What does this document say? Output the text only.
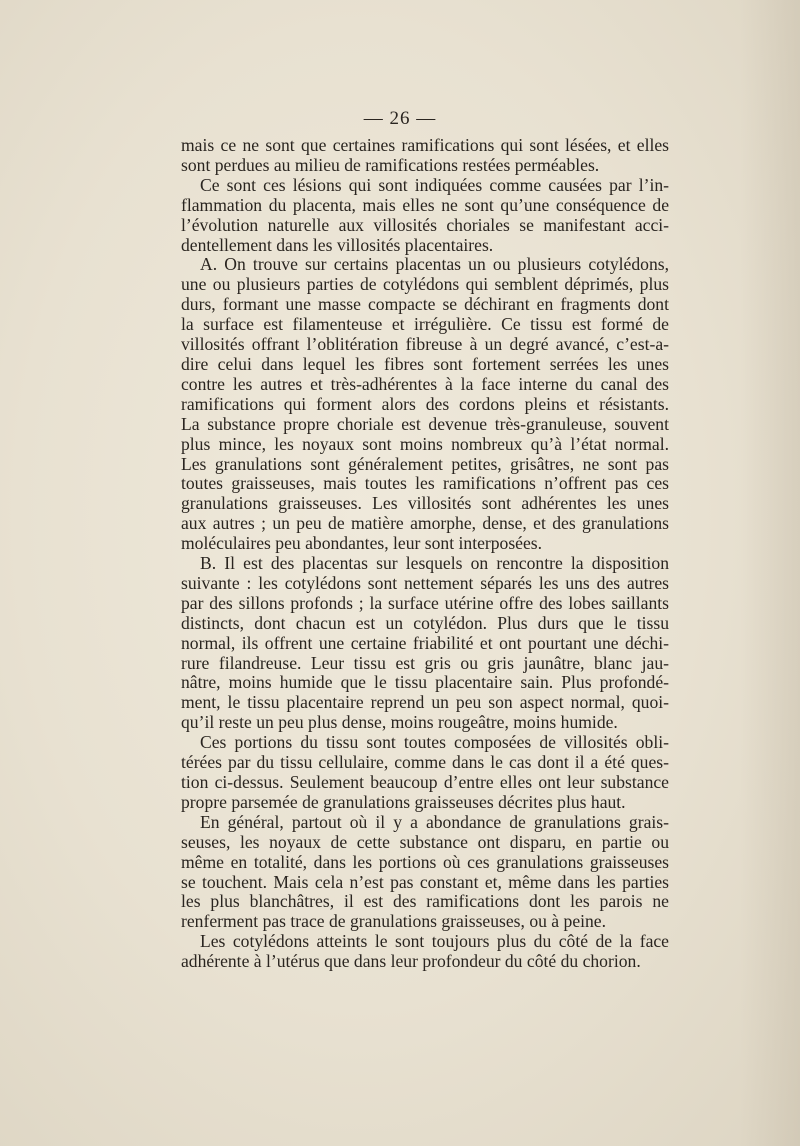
— 26 —
mais ce ne sont que certaines ramifications qui sont lésées, et elles
sont perdues au milieu de ramifications restées perméables.
Ce sont ces lésions qui sont indiquées comme causées par l’in-
flammation du placenta, mais elles ne sont qu’une conséquence de
l’évolution naturelle aux villosités choriales se manifestant acci-
dentellement dans les villosités placentaires.
A. On trouve sur certains placentas un ou plusieurs cotylédons,
une ou plusieurs parties de cotylédons qui semblent déprimés, plus
durs, formant une masse compacte se déchirant en fragments dont
la surface est filamenteuse et irrégulière. Ce tissu est formé de
villosités offrant l’oblitération fibreuse à un degré avancé, c’est-a-
dire celui dans lequel les fibres sont fortement serrées les unes
contre les autres et très-adhérentes à la face interne du canal des
ramifications qui forment alors des cordons pleins et résistants.
La substance propre choriale est devenue très-granuleuse, souvent
plus mince, les noyaux sont moins nombreux qu’à l’état normal.
Les granulations sont généralement petites, grisâtres, ne sont pas
toutes graisseuses, mais toutes les ramifications n’offrent pas ces
granulations graisseuses. Les villosités sont adhérentes les unes
aux autres ; un peu de matière amorphe, dense, et des granulations
moléculaires peu abondantes, leur sont interposées.
B. Il est des placentas sur lesquels on rencontre la disposition
suivante : les cotylédons sont nettement séparés les uns des autres
par des sillons profonds ; la surface utérine offre des lobes saillants
distincts, dont chacun est un cotylédon. Plus durs que le tissu
normal, ils offrent une certaine friabilité et ont pourtant une déchi-
rure filandreuse. Leur tissu est gris ou gris jaunâtre, blanc jau-
nâtre, moins humide que le tissu placentaire sain. Plus profondé-
ment, le tissu placentaire reprend un peu son aspect normal, quoi-
qu’il reste un peu plus dense, moins rougeâtre, moins humide.
Ces portions du tissu sont toutes composées de villosités obli-
térées par du tissu cellulaire, comme dans le cas dont il a été ques-
tion ci-dessus. Seulement beaucoup d’entre elles ont leur substance
propre parsemée de granulations graisseuses décrites plus haut.
En général, partout où il y a abondance de granulations grais-
seuses, les noyaux de cette substance ont disparu, en partie ou
même en totalité, dans les portions où ces granulations graisseuses
se touchent. Mais cela n’est pas constant et, même dans les parties
les plus blanchâtres, il est des ramifications dont les parois ne
renferment pas trace de granulations graisseuses, ou à peine.
Les cotylédons atteints le sont toujours plus du côté de la face
adhérente à l’utérus que dans leur profondeur du côté du chorion.
